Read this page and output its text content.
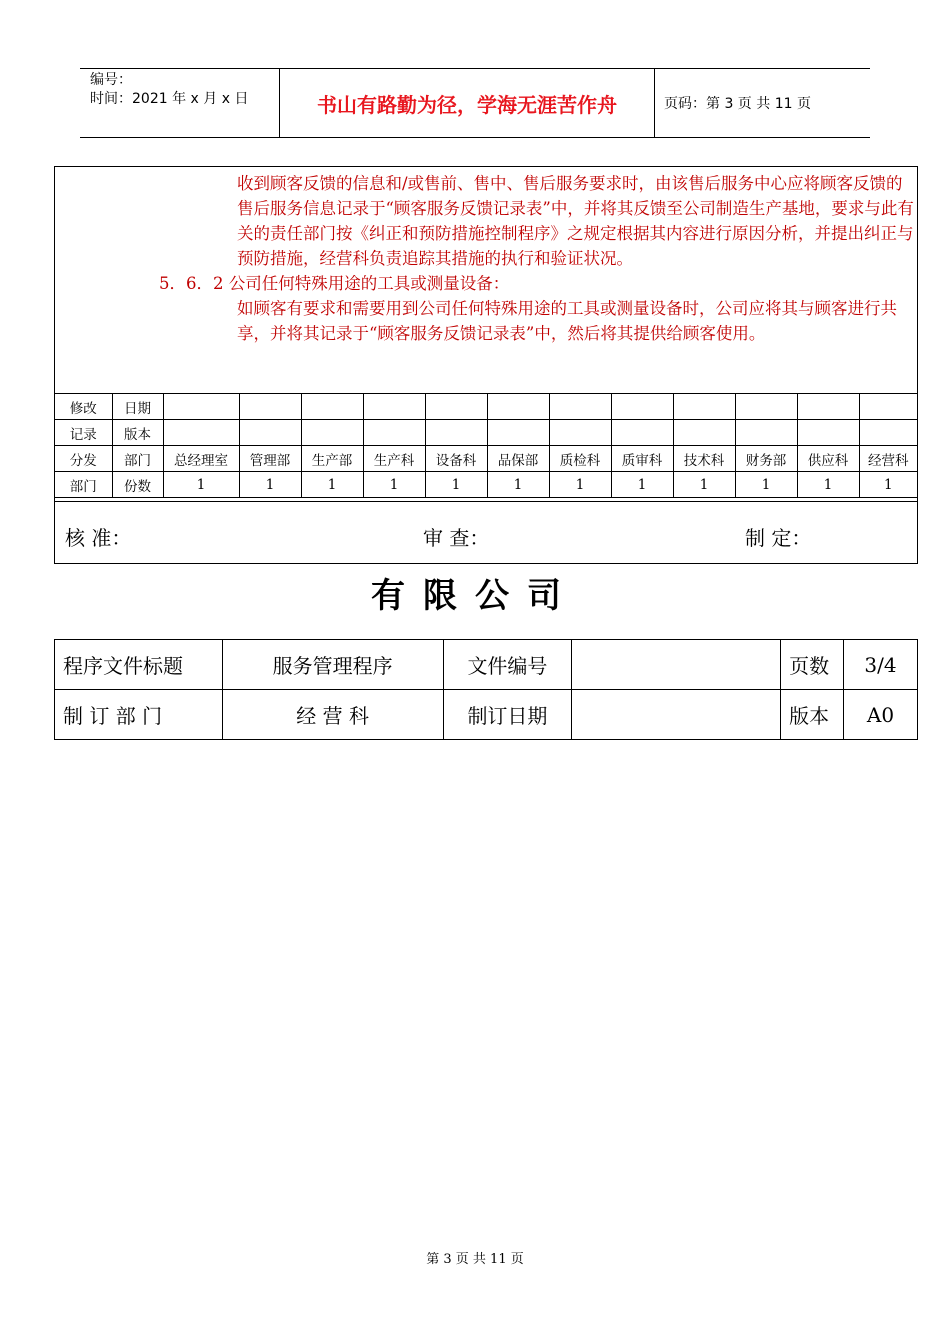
编号：
时间：2021 年 x 月 x 日	书山有路勤为径，学海无涯苦作舟	页码：第 3 页 共 11 页

收到顾客反馈的信息和/或售前、售中、售后服务要求时，由该售后服务中心应将顾客反馈的售后服务信息记录于“顾客服务反馈记录表”中，并将其反馈至公司制造生产基地，要求与此有关的责任部门按《纠正和预防措施控制程序》之规定根据其内容进行原因分析，并提出纠正与预防措施，经营科负责追踪其措施的执行和验证状况。

5．6．2 公司任何特殊用途的工具或测量设备：

如顾客有要求和需要用到公司任何特殊用途的工具或测量设备时，公司应将其与顾客进行共享，并将其记录于“顾客服务反馈记录表”中，然后将其提供给顾客使用。

修改	日期												
记录	版本												
分发	部门	总经理室	管理部	生产部	生产科	设备科	品保部	质检科	质审科	技术科	财务部	供应科	经营科
部门	份数	1	1	1	1	1	1	1	1	1	1	1	1
核 准：	审 查：	制 定：
有限公司
程序文件标题	服务管理程序	文件编号		页数	3/4
制 订 部 门	经 营 科	制订日期		版本	A0
第 3 页 共 11 页
